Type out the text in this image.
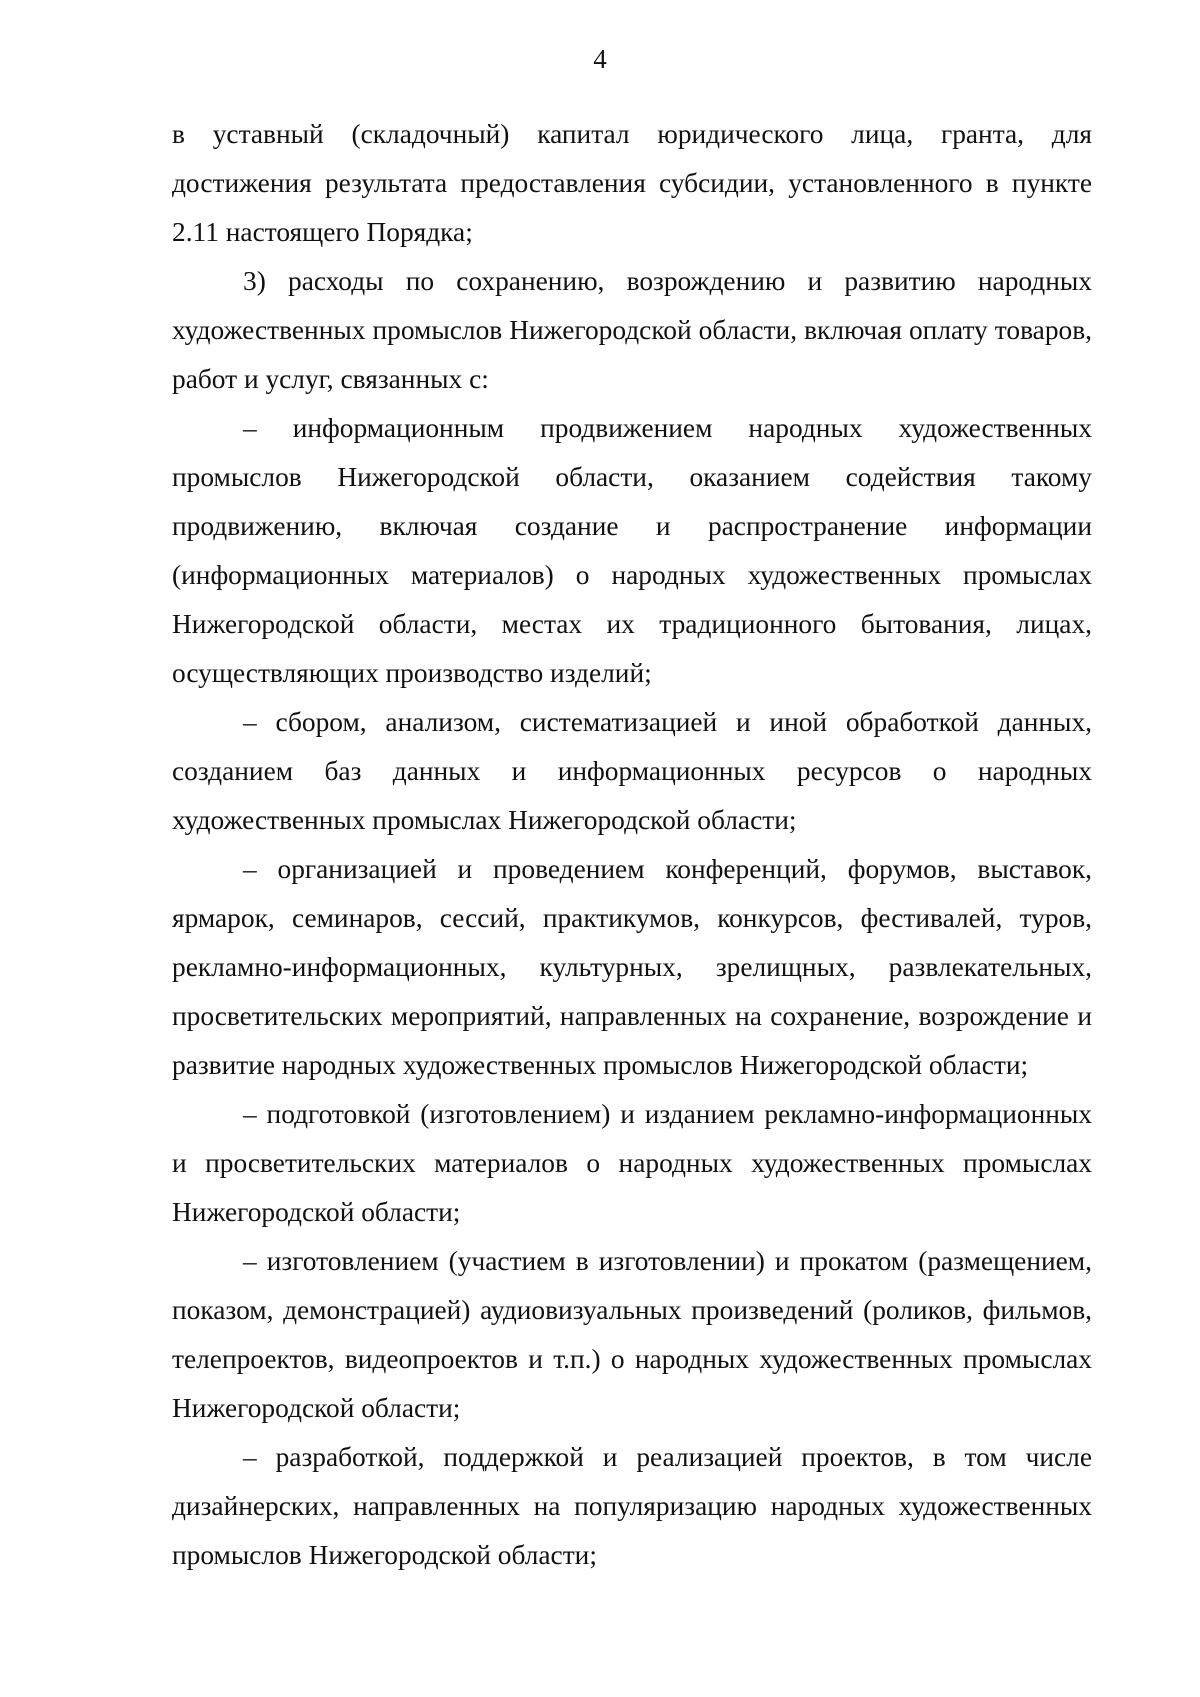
4

в уставный (складочный) капитал юридического лица, гранта, для достижения результата предоставления субсидии, установленного в пункте 2.11 настоящего Порядка;

3) расходы по сохранению, возрождению и развитию народных художественных промыслов Нижегородской области, включая оплату товаров, работ и услуг, связанных с:

– информационным продвижением народных художественных промыслов Нижегородской области, оказанием содействия такому продвижению, включая создание и распространение информации (информационных материалов) о народных художественных промыслах Нижегородской области, местах их традиционного бытования, лицах, осуществляющих производство изделий;

– сбором, анализом, систематизацией и иной обработкой данных, созданием баз данных и информационных ресурсов о народных художественных промыслах Нижегородской области;

– организацией и проведением конференций, форумов, выставок, ярмарок, семинаров, сессий, практикумов, конкурсов, фестивалей, туров, рекламно-информационных, культурных, зрелищных, развлекательных, просветительских мероприятий, направленных на сохранение, возрождение и развитие народных художественных промыслов Нижегородской области;

– подготовкой (изготовлением) и изданием рекламно-информационных и просветительских материалов о народных художественных промыслах Нижегородской области;

– изготовлением (участием в изготовлении) и прокатом (размещением, показом, демонстрацией) аудиовизуальных произведений (роликов, фильмов, телепроектов, видеопроектов и т.п.) о народных художественных промыслах Нижегородской области;

– разработкой, поддержкой и реализацией проектов, в том числе дизайнерских, направленных на популяризацию народных художественных промыслов Нижегородской области;
